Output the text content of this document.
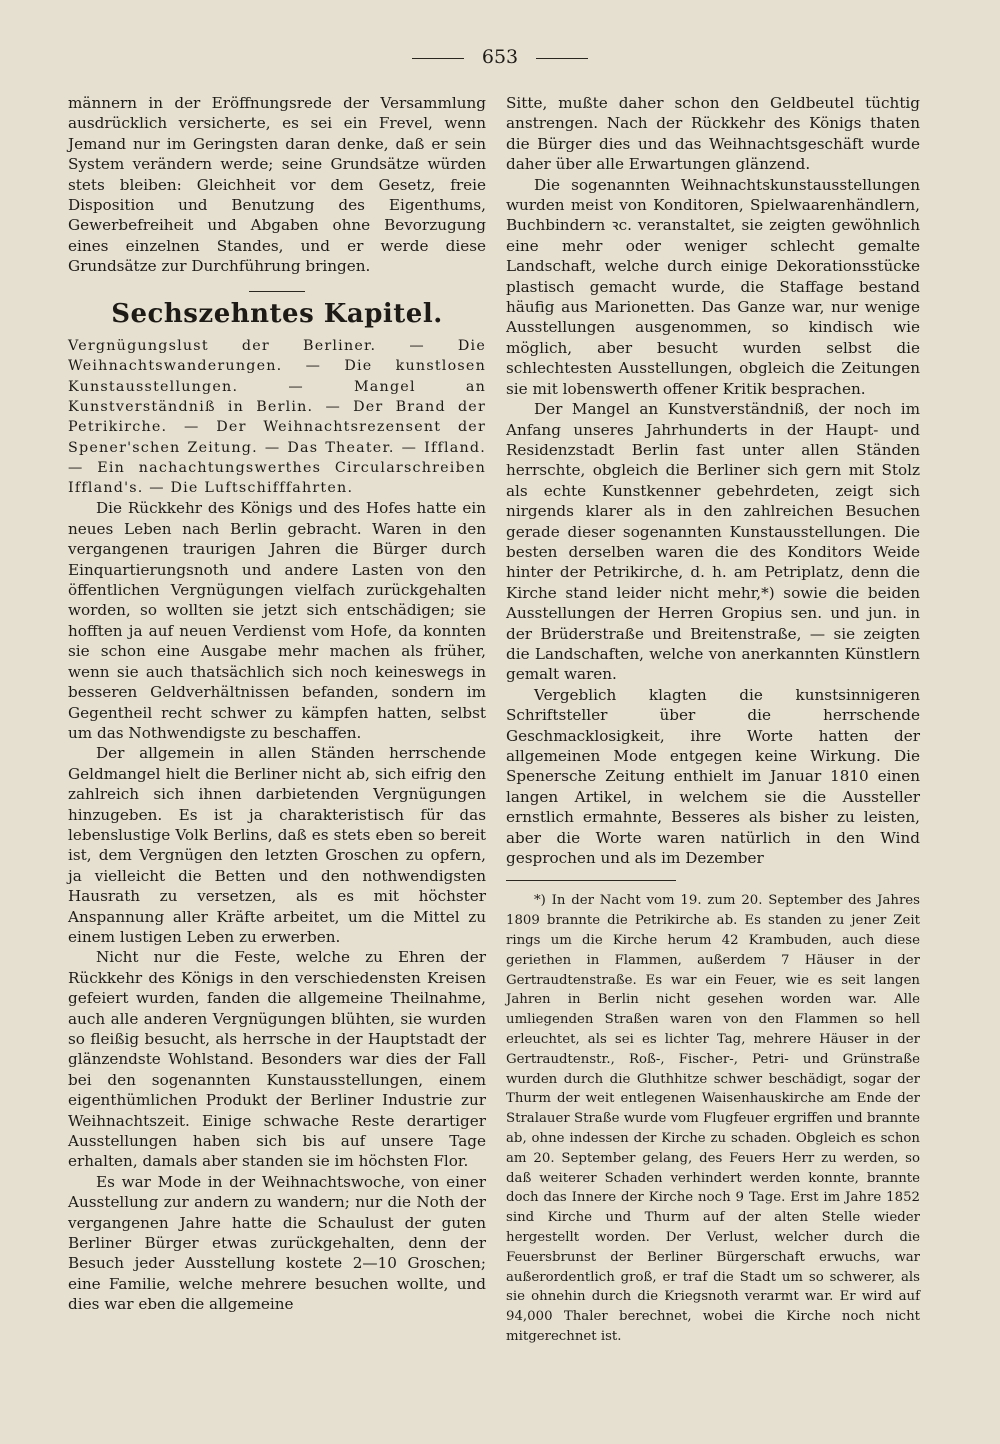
653

männern in der Eröffnungsrede der Versammlung ausdrücklich versicherte, es sei ein Frevel, wenn Jemand nur im Geringsten daran denke, daß er sein System verändern werde; seine Grundsätze würden stets bleiben: Gleichheit vor dem Gesetz, freie Disposition und Benutzung des Eigenthums, Gewerbefreiheit und Abgaben ohne Bevorzugung eines einzelnen Standes, und er werde diese Grundsätze zur Durchführung bringen.

Sechszehntes Kapitel.

Vergnügungslust der Berliner. — Die Weihnachtswanderungen. — Die kunstlosen Kunstausstellungen. — Mangel an Kunstverständniß in Berlin. — Der Brand der Petrikirche. — Der Weihnachtsrezensent der Spener'schen Zeitung. — Das Theater. — Iffland. — Ein nachachtungswerthes Circularschreiben Iffland's. — Die Luftschifffahrten.

Die Rückkehr des Königs und des Hofes hatte ein neues Leben nach Berlin gebracht. Waren in den vergangenen traurigen Jahren die Bürger durch Einquartierungsnoth und andere Lasten von den öffentlichen Vergnügungen vielfach zurückgehalten worden, so wollten sie jetzt sich entschädigen; sie hofften ja auf neuen Verdienst vom Hofe, da konnten sie schon eine Ausgabe mehr machen als früher, wenn sie auch thatsächlich sich noch keineswegs in besseren Geldverhältnissen befanden, sondern im Gegentheil recht schwer zu kämpfen hatten, selbst um das Nothwendigste zu beschaffen.

Der allgemein in allen Ständen herrschende Geldmangel hielt die Berliner nicht ab, sich eifrig den zahlreich sich ihnen darbietenden Vergnügungen hinzugeben. Es ist ja charakteristisch für das lebenslustige Volk Berlins, daß es stets eben so bereit ist, dem Vergnügen den letzten Groschen zu opfern, ja vielleicht die Betten und den nothwendigsten Hausrath zu versetzen, als es mit höchster Anspannung aller Kräfte arbeitet, um die Mittel zu einem lustigen Leben zu erwerben.

Nicht nur die Feste, welche zu Ehren der Rückkehr des Königs in den verschiedensten Kreisen gefeiert wurden, fanden die allgemeine Theilnahme, auch alle anderen Vergnügungen blühten, sie wurden so fleißig besucht, als herrsche in der Hauptstadt der glänzendste Wohlstand. Besonders war dies der Fall bei den sogenannten Kunstausstellungen, einem eigenthümlichen Produkt der Berliner Industrie zur Weihnachtszeit. Einige schwache Reste derartiger Ausstellungen haben sich bis auf unsere Tage erhalten, damals aber standen sie im höchsten Flor.

Es war Mode in der Weihnachtswoche, von einer Ausstellung zur andern zu wandern; nur die Noth der vergangenen Jahre hatte die Schaulust der guten Berliner Bürger etwas zurückgehalten, denn der Besuch jeder Ausstellung kostete 2—10 Groschen; eine Familie, welche mehrere besuchen wollte, und dies war eben die allgemeine

Sitte, mußte daher schon den Geldbeutel tüchtig anstrengen. Nach der Rückkehr des Königs thaten die Bürger dies und das Weihnachtsgeschäft wurde daher über alle Erwartungen glänzend.

Die sogenannten Weihnachtskunstausstellungen wurden meist von Konditoren, Spielwaarenhändlern, Buchbindern ꝛc. veranstaltet, sie zeigten gewöhnlich eine mehr oder weniger schlecht gemalte Landschaft, welche durch einige Dekorationsstücke plastisch gemacht wurde, die Staffage bestand häufig aus Marionetten. Das Ganze war, nur wenige Ausstellungen ausgenommen, so kindisch wie möglich, aber besucht wurden selbst die schlechtesten Ausstellungen, obgleich die Zeitungen sie mit lobenswerth offener Kritik besprachen.

Der Mangel an Kunstverständniß, der noch im Anfang unseres Jahrhunderts in der Haupt- und Residenzstadt Berlin fast unter allen Ständen herrschte, obgleich die Berliner sich gern mit Stolz als echte Kunstkenner gebehrdeten, zeigt sich nirgends klarer als in den zahlreichen Besuchen gerade dieser sogenannten Kunstausstellungen. Die besten derselben waren die des Konditors Weide hinter der Petrikirche, d. h. am Petriplatz, denn die Kirche stand leider nicht mehr,*) sowie die beiden Ausstellungen der Herren Gropius sen. und jun. in der Brüderstraße und Breitenstraße, — sie zeigten die Landschaften, welche von anerkannten Künstlern gemalt waren.

Vergeblich klagten die kunstsinnigeren Schriftsteller über die herrschende Geschmacklosigkeit, ihre Worte hatten der allgemeinen Mode entgegen keine Wirkung. Die Spenersche Zeitung enthielt im Januar 1810 einen langen Artikel, in welchem sie die Aussteller ernstlich ermahnte, Besseres als bisher zu leisten, aber die Worte waren natürlich in den Wind gesprochen und als im Dezember

*) In der Nacht vom 19. zum 20. September des Jahres 1809 brannte die Petrikirche ab. Es standen zu jener Zeit rings um die Kirche herum 42 Krambuden, auch diese geriethen in Flammen, außerdem 7 Häuser in der Gertraudtenstraße. Es war ein Feuer, wie es seit langen Jahren in Berlin nicht gesehen worden war. Alle umliegenden Straßen waren von den Flammen so hell erleuchtet, als sei es lichter Tag, mehrere Häuser in der Gertraudtenstr., Roß-, Fischer-, Petri- und Grünstraße wurden durch die Gluthhitze schwer beschädigt, sogar der Thurm der weit entlegenen Waisenhauskirche am Ende der Stralauer Straße wurde vom Flugfeuer ergriffen und brannte ab, ohne indessen der Kirche zu schaden. Obgleich es schon am 20. September gelang, des Feuers Herr zu werden, so daß weiterer Schaden verhindert werden konnte, brannte doch das Innere der Kirche noch 9 Tage. Erst im Jahre 1852 sind Kirche und Thurm auf der alten Stelle wieder hergestellt worden. Der Verlust, welcher durch die Feuersbrunst der Berliner Bürgerschaft erwuchs, war außerordentlich groß, er traf die Stadt um so schwerer, als sie ohnehin durch die Kriegsnoth verarmt war. Er wird auf 94,000 Thaler berechnet, wobei die Kirche noch nicht mitgerechnet ist.
